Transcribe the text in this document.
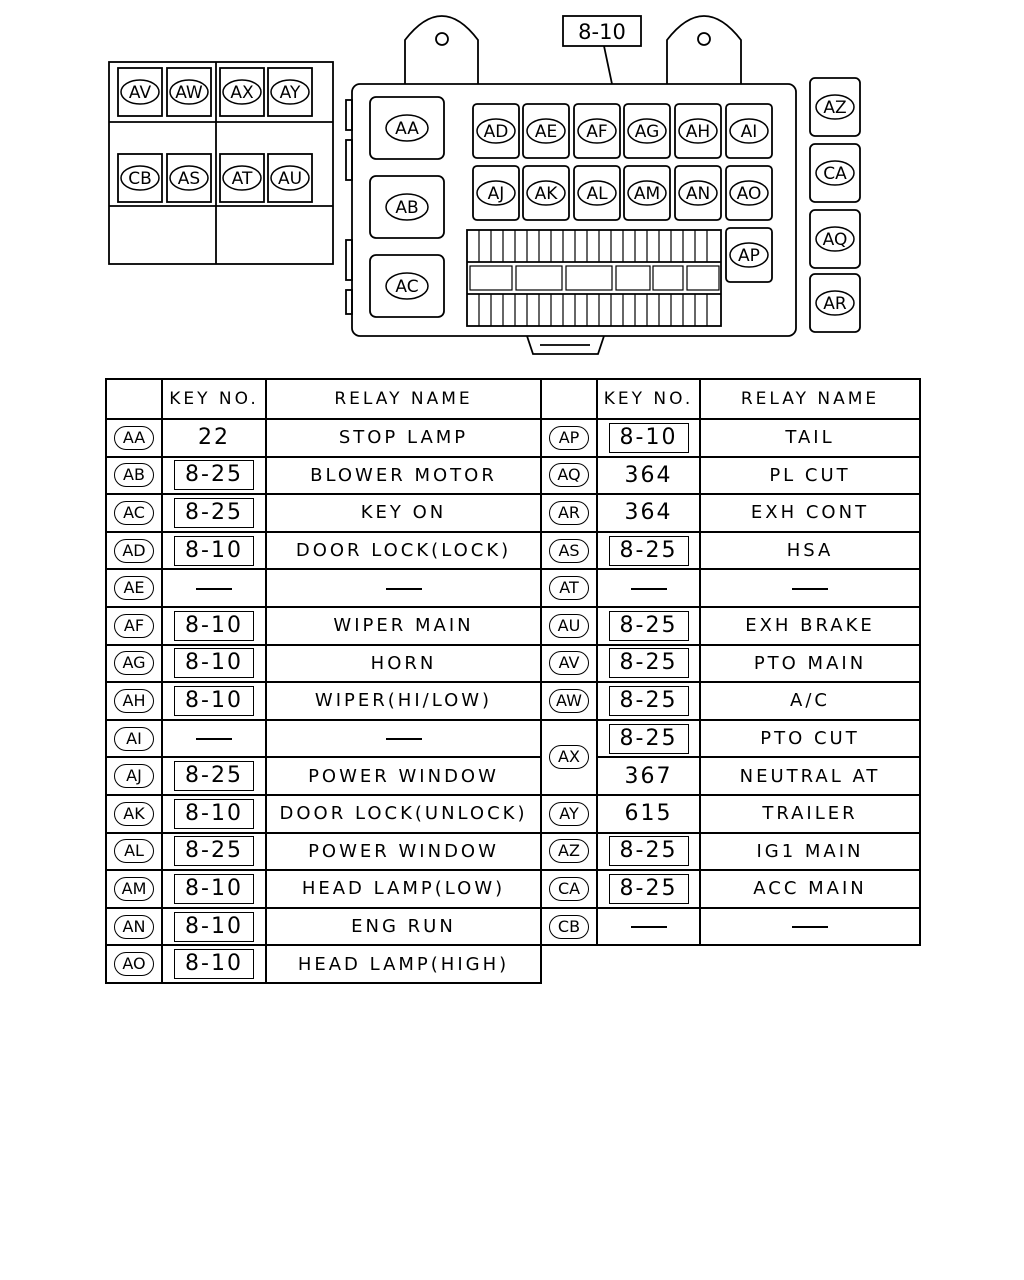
8-10
AV AW AX AY
CB AS AT AU
AA
AB
AC
AD AE AF AG AH AI
AJ AK AL AM AN AO
AP
AZ
CA
AQ
AR
	KEY NO.	RELAY NAME		KEY NO.	RELAY NAME
AA	22	STOP LAMP	AP	8-10	TAIL
AB	8-25	BLOWER MOTOR	AQ	364	PL CUT
AC	8-25	KEY ON	AR	364	EXH CONT
AD	8-10	DOOR LOCK(LOCK)	AS	8-25	HSA
AE			AT		
AF	8-10	WIPER MAIN	AU	8-25	EXH BRAKE
AG	8-10	HORN	AV	8-25	PTO MAIN
AH	8-10	WIPER(HI/LOW)	AW	8-25	A/C
AI			AX	8-25	PTO CUT
AJ	8-25	POWER WINDOW		367	NEUTRAL AT
AK	8-10	DOOR LOCK(UNLOCK)	AY	615	TRAILER
AL	8-25	POWER WINDOW	AZ	8-25	IG1 MAIN
AM	8-10	HEAD LAMP(LOW)	CA	8-25	ACC MAIN
AN	8-10	ENG RUN	CB		
AO	8-10	HEAD LAMP(HIGH)			
